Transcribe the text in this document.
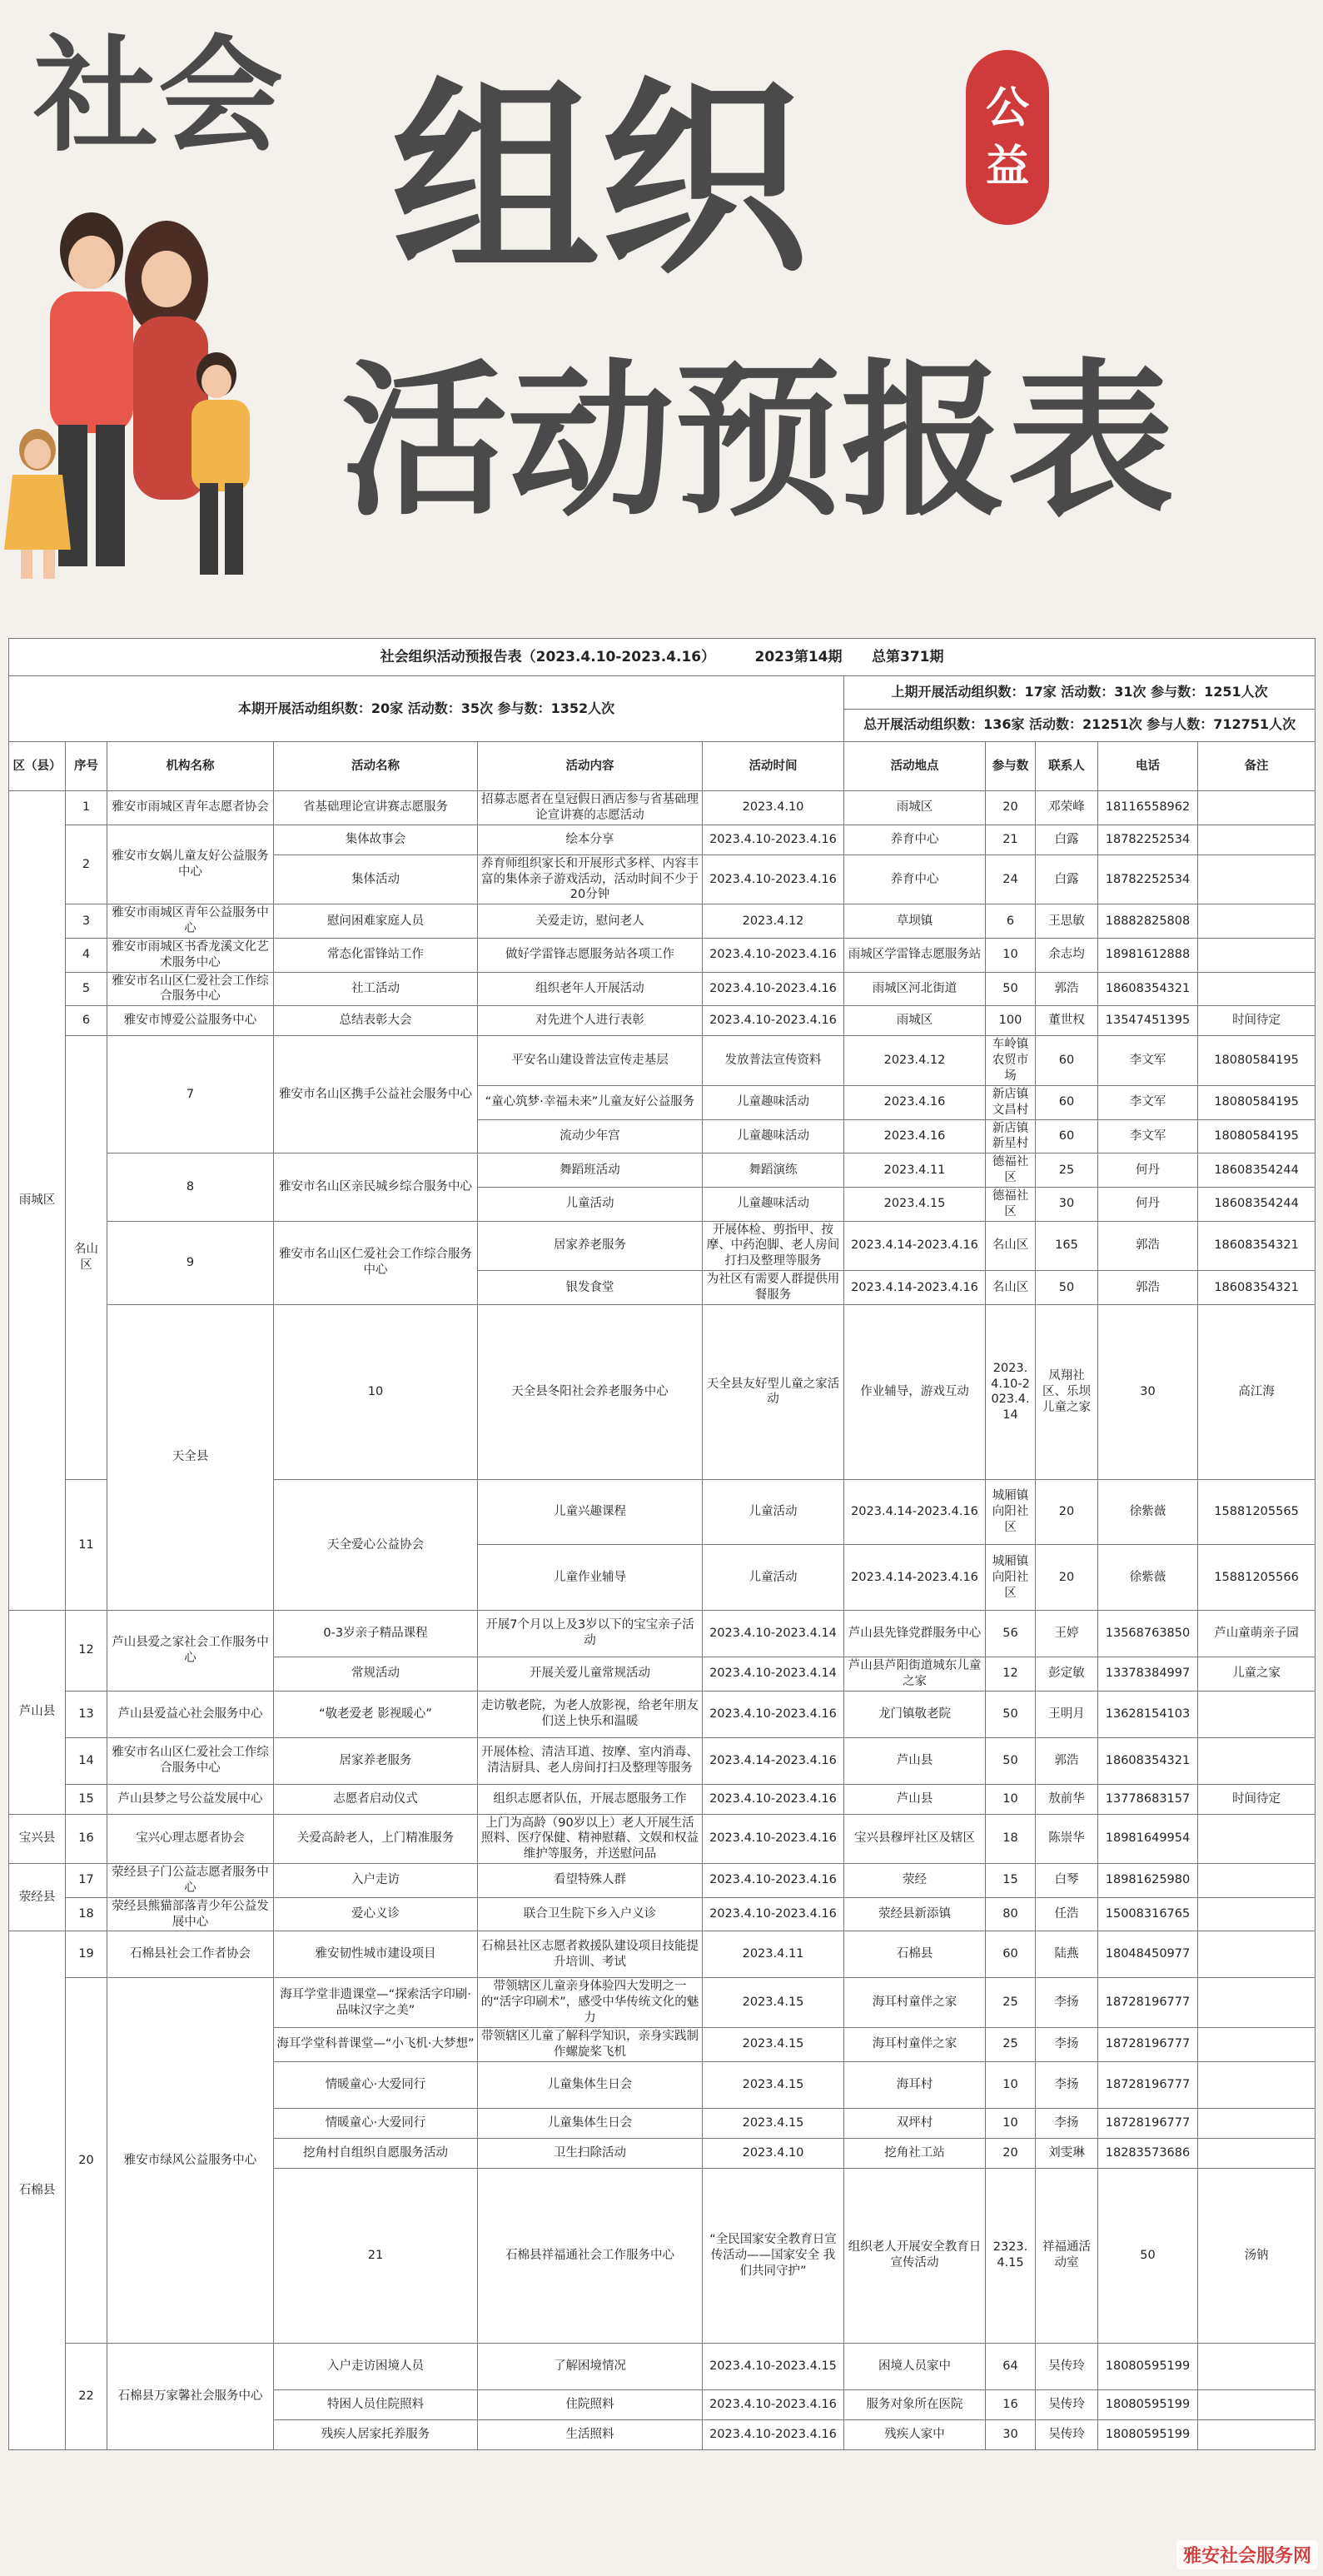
社会 组织
活动预报表
公益
社会组织活动预报告表（2023.4.10-2023.4.16） 2023第14期 总第371期											
本期开展活动组织数：20家 活动数：35次 参与数：1352人次						上期开展活动组织数：17家 活动数：31次 参与数：1251人次					
						总开展活动组织数：136家 活动数：21251次 参与人数：712751人次					
区（县）	序号	机构名称	活动名称	活动内容	活动时间	活动地点	参与数	联系人	电话	备注	
雨城区	1	雅安市雨城区青年志愿者协会	省基础理论宣讲赛志愿服务	招募志愿者在皇冠假日酒店参与省基础理论宣讲赛的志愿活动	2023.4.10	雨城区	20	邓荣峰	18116558962		
	2	雅安市女娲儿童友好公益服务中心	集体故事会	绘本分享	2023.4.10-2023.4.16	养育中心	21	白露	18782252534		
			集体活动	养育师组织家长和开展形式多样、内容丰富的集体亲子游戏活动，活动时间不少于20分钟	2023.4.10-2023.4.16	养育中心	24	白露	18782252534		
	3	雅安市雨城区青年公益服务中心	慰问困难家庭人员	关爱走访，慰问老人	2023.4.12	草坝镇	6	王思敏	18882825808		
	4	雅安市雨城区书香龙溪文化艺术服务中心	常态化雷锋站工作	做好学雷锋志愿服务站各项工作	2023.4.10-2023.4.16	雨城区学雷锋志愿服务站	10	余志均	18981612888		
	5	雅安市名山区仁爱社会工作综合服务中心	社工活动	组织老年人开展活动	2023.4.10-2023.4.16	雨城区河北街道	50	郭浩	18608354321		
	6	雅安市博爱公益服务中心	总结表彰大会	对先进个人进行表彰	2023.4.10-2023.4.16	雨城区	100	董世权	13547451395	时间待定	
	名山区	7	雅安市名山区携手公益社会服务中心	平安名山建设普法宣传走基层	发放普法宣传资料	2023.4.12	车岭镇农贸市场	60	李文军	18080584195	
				“童心筑梦·幸福未来”儿童友好公益服务	儿童趣味活动	2023.4.16	新店镇文昌村	60	李文军	18080584195	
				流动少年宫	儿童趣味活动	2023.4.16	新店镇新星村	60	李文军	18080584195	
		8	雅安市名山区亲民城乡综合服务中心	舞蹈班活动	舞蹈演练	2023.4.11	德福社区	25	何丹	18608354244	
				儿童活动	儿童趣味活动	2023.4.15	德福社区	30	何丹	18608354244	
		9	雅安市名山区仁爱社会工作综合服务中心	居家养老服务	开展体检、剪指甲、按摩、中药泡脚、老人房间打扫及整理等服务	2023.4.14-2023.4.16	名山区	165	郭浩	18608354321	
				银发食堂	为社区有需要人群提供用餐服务	2023.4.14-2023.4.16	名山区	50	郭浩	18608354321	
		天全县	10	天全县冬阳社会养老服务中心	天全县友好型儿童之家活动	作业辅导，游戏互动	2023.4.10-2023.4.14	凤翔社区、乐坝儿童之家	30	高江海		
	11		天全爱心公益协会	儿童兴趣课程	儿童活动	2023.4.14-2023.4.16	城厢镇向阳社区	20	徐紫薇	15881205565	
				儿童作业辅导	儿童活动	2023.4.14-2023.4.16	城厢镇向阳社区	20	徐紫薇	15881205566	
芦山县	12	芦山县爱之家社会工作服务中心	0-3岁亲子精品课程	开展7个月以上及3岁以下的宝宝亲子活动	2023.4.10-2023.4.14	芦山县先锋党群服务中心	56	王婷	13568763850	芦山童萌亲子园	
			常规活动	开展关爱儿童常规活动	2023.4.10-2023.4.14	芦山县芦阳街道城东儿童之家	12	彭定敏	13378384997	儿童之家	
	13	芦山县爱益心社会服务中心	“敬老爱老 影视暖心”	走访敬老院，为老人放影视，给老年朋友们送上快乐和温暖	2023.4.10-2023.4.16	龙门镇敬老院	50	王明月	13628154103		
	14	雅安市名山区仁爱社会工作综合服务中心	居家养老服务	开展体检、清洁耳道、按摩、室内消毒、清洁厨具、老人房间打扫及整理等服务	2023.4.14-2023.4.16	芦山县	50	郭浩	18608354321		
	15	芦山县梦之号公益发展中心	志愿者启动仪式	组织志愿者队伍，开展志愿服务工作	2023.4.10-2023.4.16	芦山县	10	敖前华	13778683157	时间待定	
宝兴县	16	宝兴心理志愿者协会	关爱高龄老人，上门精准服务	上门为高龄（90岁以上）老人开展生活照料、医疗保健、精神慰藉、文娱和权益维护等服务，并送慰问品	2023.4.10-2023.4.16	宝兴县穆坪社区及辖区	18	陈崇华	18981649954		
荥经县	17	荥经县子门公益志愿者服务中心	入户走访	看望特殊人群	2023.4.10-2023.4.16	荥经	15	白琴	18981625980		
	18	荥经县熊猫部落青少年公益发展中心	爱心义诊	联合卫生院下乡入户义诊	2023.4.10-2023.4.16	荥经县新添镇	80	任浩	15008316765		
石棉县	19	石棉县社会工作者协会	雅安韧性城市建设项目	石棉县社区志愿者救援队建设项目技能提升培训、考试	2023.4.11	石棉县	60	陆燕	18048450977		
	20	雅安市绿风公益服务中心	海耳学堂非遗课堂—“探索活字印刷·品味汉字之美”	带领辖区儿童亲身体验四大发明之一的“活字印刷术”，感受中华传统文化的魅力	2023.4.15	海耳村童伴之家	25	李扬	18728196777		
			海耳学堂科普课堂—“小飞机·大梦想”	带领辖区儿童了解科学知识，亲身实践制作螺旋桨飞机	2023.4.15	海耳村童伴之家	25	李扬	18728196777		
			情暖童心·大爱同行	儿童集体生日会	2023.4.15	海耳村	10	李扬	18728196777		
			情暖童心·大爱同行	儿童集体生日会	2023.4.15	双坪村	10	李扬	18728196777		
			挖角村自组织自愿服务活动	卫生扫除活动	2023.4.10	挖角社工站	20	刘雯琳	18283573686		
			21	石棉县祥福通社会工作服务中心	“全民国家安全教育日宣传活动——国家安全 我们共同守护”	组织老人开展安全教育日宣传活动	2323.4.15	祥福通活动室	50	汤钠		
	22	石棉县万家馨社会服务中心	入户走访困境人员	了解困境情况	2023.4.10-2023.4.15	困境人员家中	64	吴传玲	18080595199		
			特困人员住院照料	住院照料	2023.4.10-2023.4.16	服务对象所在医院	16	吴传玲	18080595199		
			残疾人居家托养服务	生活照料	2023.4.10-2023.4.16	残疾人家中	30	吴传玲	18080595199		
雅安社会服务网
